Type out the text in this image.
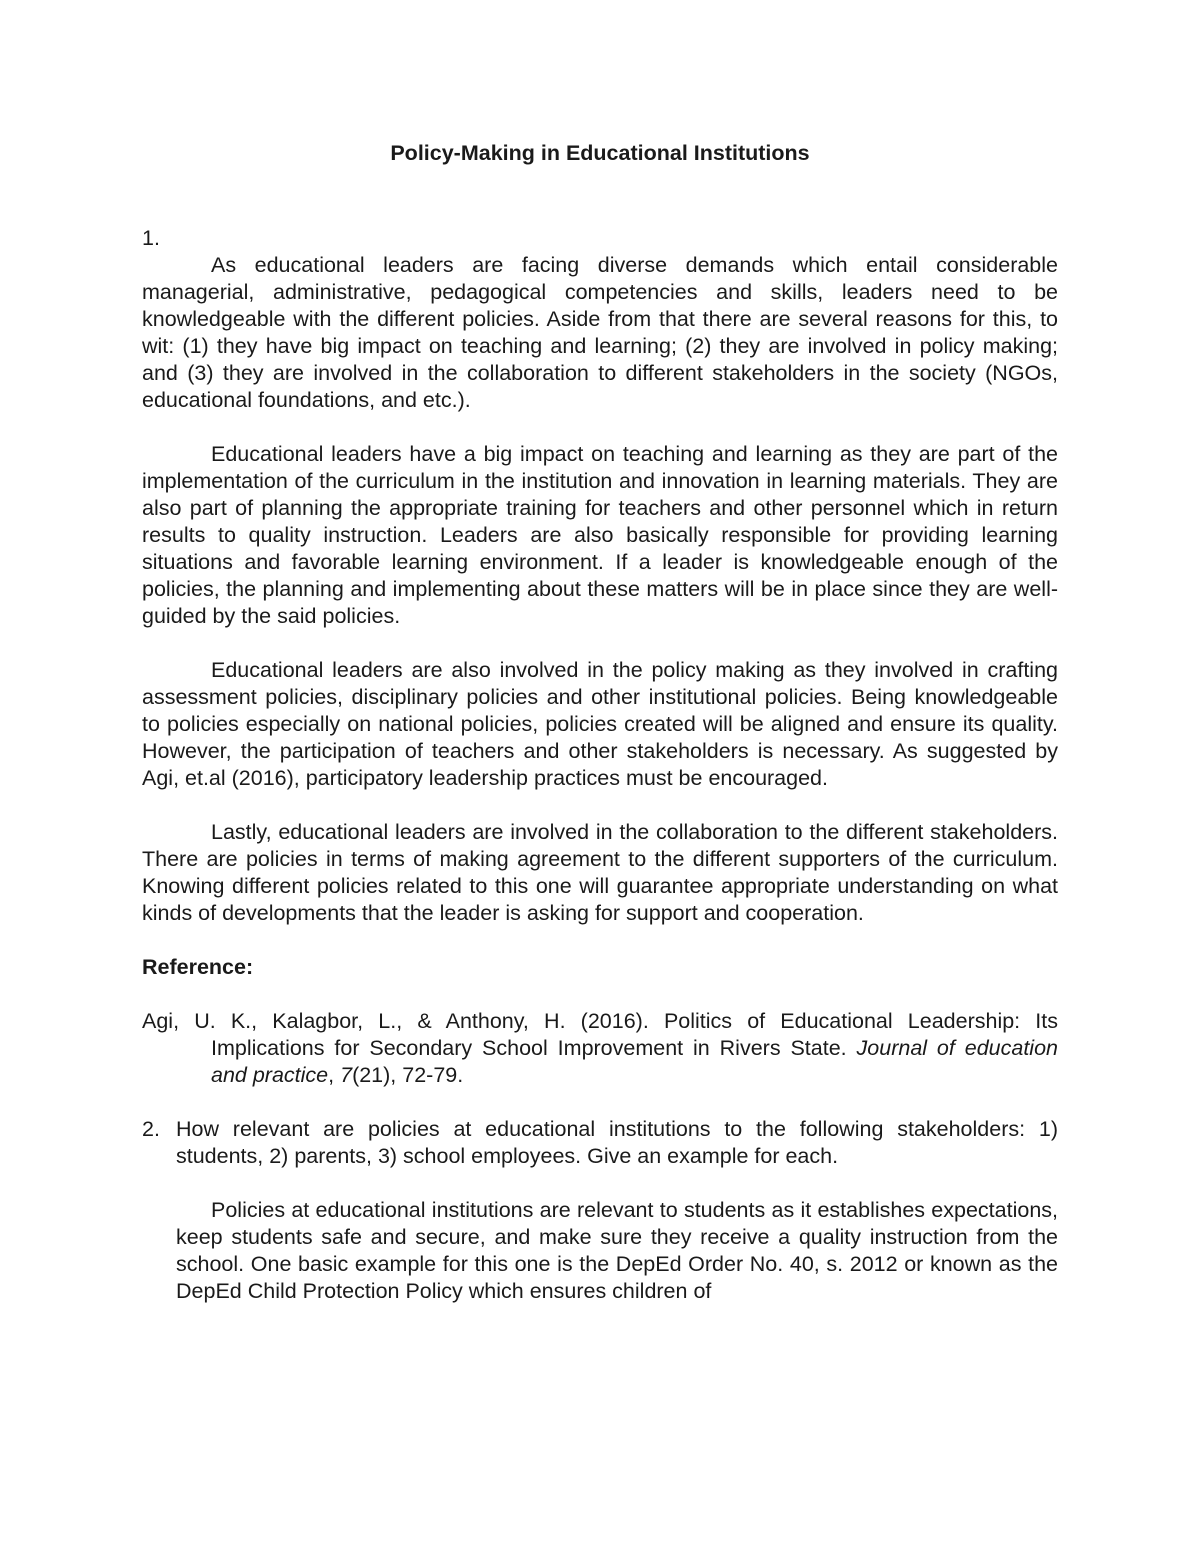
Policy-Making in Educational Institutions
1.

As educational leaders are facing diverse demands which entail considerable managerial, administrative, pedagogical competencies and skills, leaders need to be knowledgeable with the different policies. Aside from that there are several reasons for this, to wit: (1) they have big impact on teaching and learning; (2) they are involved in policy making; and (3) they are involved in the collaboration to different stakeholders in the society (NGOs, educational foundations, and etc.).

Educational leaders have a big impact on teaching and learning as they are part of the implementation of the curriculum in the institution and innovation in learning materials. They are also part of planning the appropriate training for teachers and other personnel which in return results to quality instruction. Leaders are also basically responsible for providing learning situations and favorable learning environment. If a leader is knowledgeable enough of the policies, the planning and implementing about these matters will be in place since they are well-guided by the said policies.

Educational leaders are also involved in the policy making as they involved in crafting assessment policies, disciplinary policies and other institutional policies. Being knowledgeable to policies especially on national policies, policies created will be aligned and ensure its quality. However, the participation of teachers and other stakeholders is necessary. As suggested by Agi, et.al (2016), participatory leadership practices must be encouraged.

Lastly, educational leaders are involved in the collaboration to the different stakeholders. There are policies in terms of making agreement to the different supporters of the curriculum. Knowing different policies related to this one will guarantee appropriate understanding on what kinds of developments that the leader is asking for support and cooperation.

Reference:
Agi, U. K., Kalagbor, L., & Anthony, H. (2016). Politics of Educational Leadership: Its Implications for Secondary School Improvement in Rivers State. Journal of education and practice, 7(21), 72-79.
2. How relevant are policies at educational institutions to the following stakeholders: 1) students, 2) parents, 3) school employees. Give an example for each.

Policies at educational institutions are relevant to students as it establishes expectations, keep students safe and secure, and make sure they receive a quality instruction from the school. One basic example for this one is the DepEd Order No. 40, s. 2012 or known as the DepEd Child Protection Policy which ensures children of
